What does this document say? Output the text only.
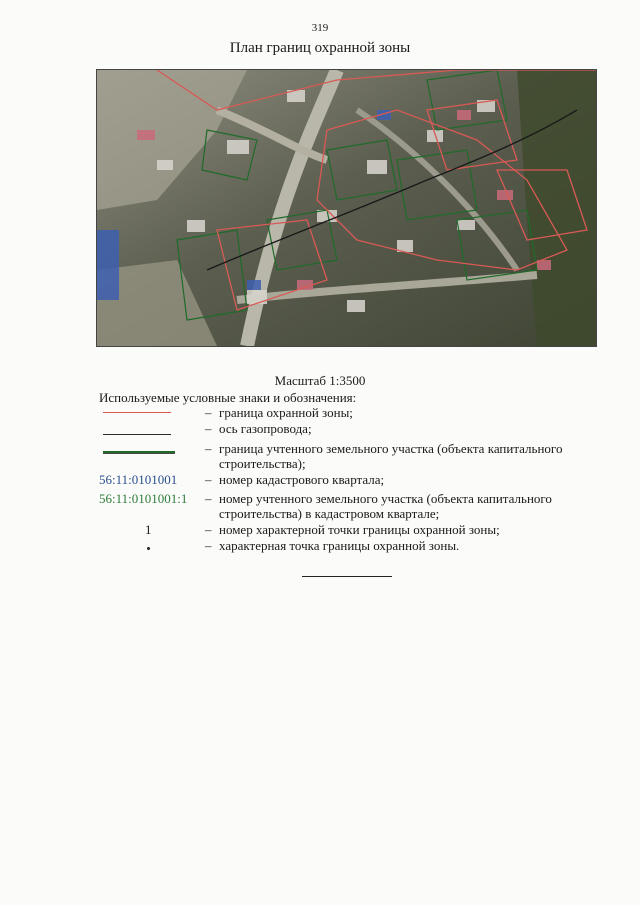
319
План границ охранной зоны
Масштаб 1:3500
Используемые условные знаки и обозначения:
– граница охранной зоны;
– ось газопровода;
– граница учтенного земельного участка (объекта капитального строительства);
56:11:0101001 – номер кадастрового квартала;
56:11:0101001:1 – номер учтенного земельного участка (объекта капитального строительства) в кадастровом квартале;
1	– номер характерной точки границы охранной зоны;
– характерная точка границы охранной зоны.
